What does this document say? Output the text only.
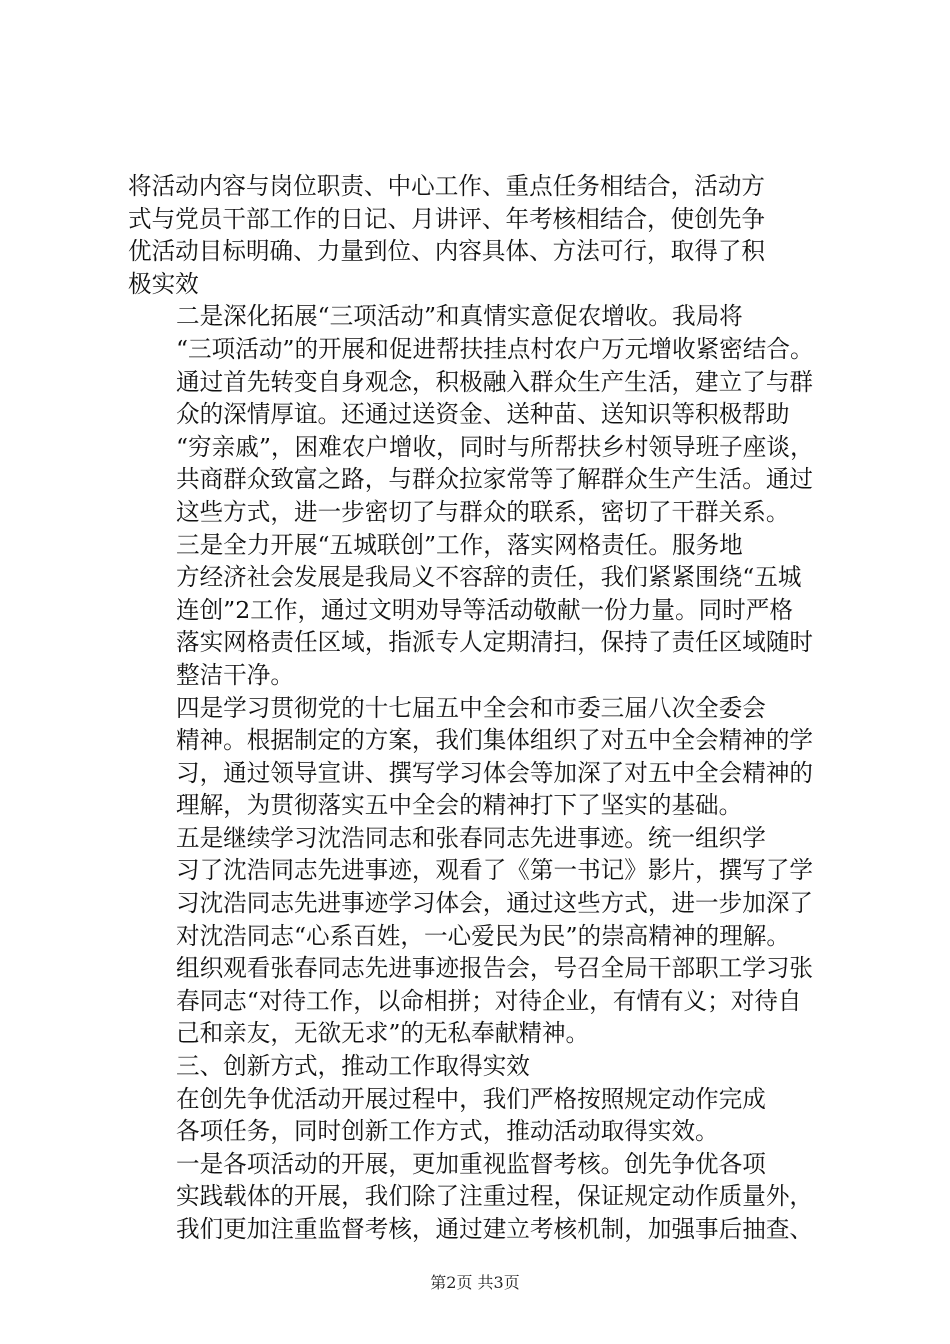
将活动内容与岗位职责、中心工作、重点任务相结合，活动方
式与党员干部工作的日记、月讲评、年考核相结合，使创先争
优活动目标明确、力量到位、内容具体、方法可行，取得了积
极实效
二是深化拓展“三项活动”和真情实意促农增收。我局将
“三项活动”的开展和促进帮扶挂点村农户万元增收紧密结合。
通过首先转变自身观念，积极融入群众生产生活，建立了与群
众的深情厚谊。还通过送资金、送种苗、送知识等积极帮助
“穷亲戚”，困难农户增收，同时与所帮扶乡村领导班子座谈，
共商群众致富之路，与群众拉家常等了解群众生产生活。通过
这些方式，进一步密切了与群众的联系，密切了干群关系。
三是全力开展“五城联创”工作，落实网格责任。服务地
方经济社会发展是我局义不容辞的责任，我们紧紧围绕“五城
连创”2工作，通过文明劝导等活动敬献一份力量。同时严格
落实网格责任区域，指派专人定期清扫，保持了责任区域随时
整洁干净。
四是学习贯彻党的十七届五中全会和市委三届八次全委会
精神。根据制定的方案，我们集体组织了对五中全会精神的学
习，通过领导宣讲、撰写学习体会等加深了对五中全会精神的
理解，为贯彻落实五中全会的精神打下了坚实的基础。
五是继续学习沈浩同志和张春同志先进事迹。统一组织学
习了沈浩同志先进事迹，观看了《第一书记》影片，撰写了学
习沈浩同志先进事迹学习体会，通过这些方式，进一步加深了
对沈浩同志“心系百姓，一心爱民为民”的崇高精神的理解。
组织观看张春同志先进事迹报告会，号召全局干部职工学习张
春同志“对待工作，以命相拼；对待企业，有情有义；对待自
己和亲友，无欲无求”的无私奉献精神。
三、创新方式，推动工作取得实效
在创先争优活动开展过程中，我们严格按照规定动作完成
各项任务，同时创新工作方式，推动活动取得实效。
一是各项活动的开展，更加重视监督考核。创先争优各项
实践载体的开展，我们除了注重过程，保证规定动作质量外，
我们更加注重监督考核，通过建立考核机制，加强事后抽查、
第2页 共3页
